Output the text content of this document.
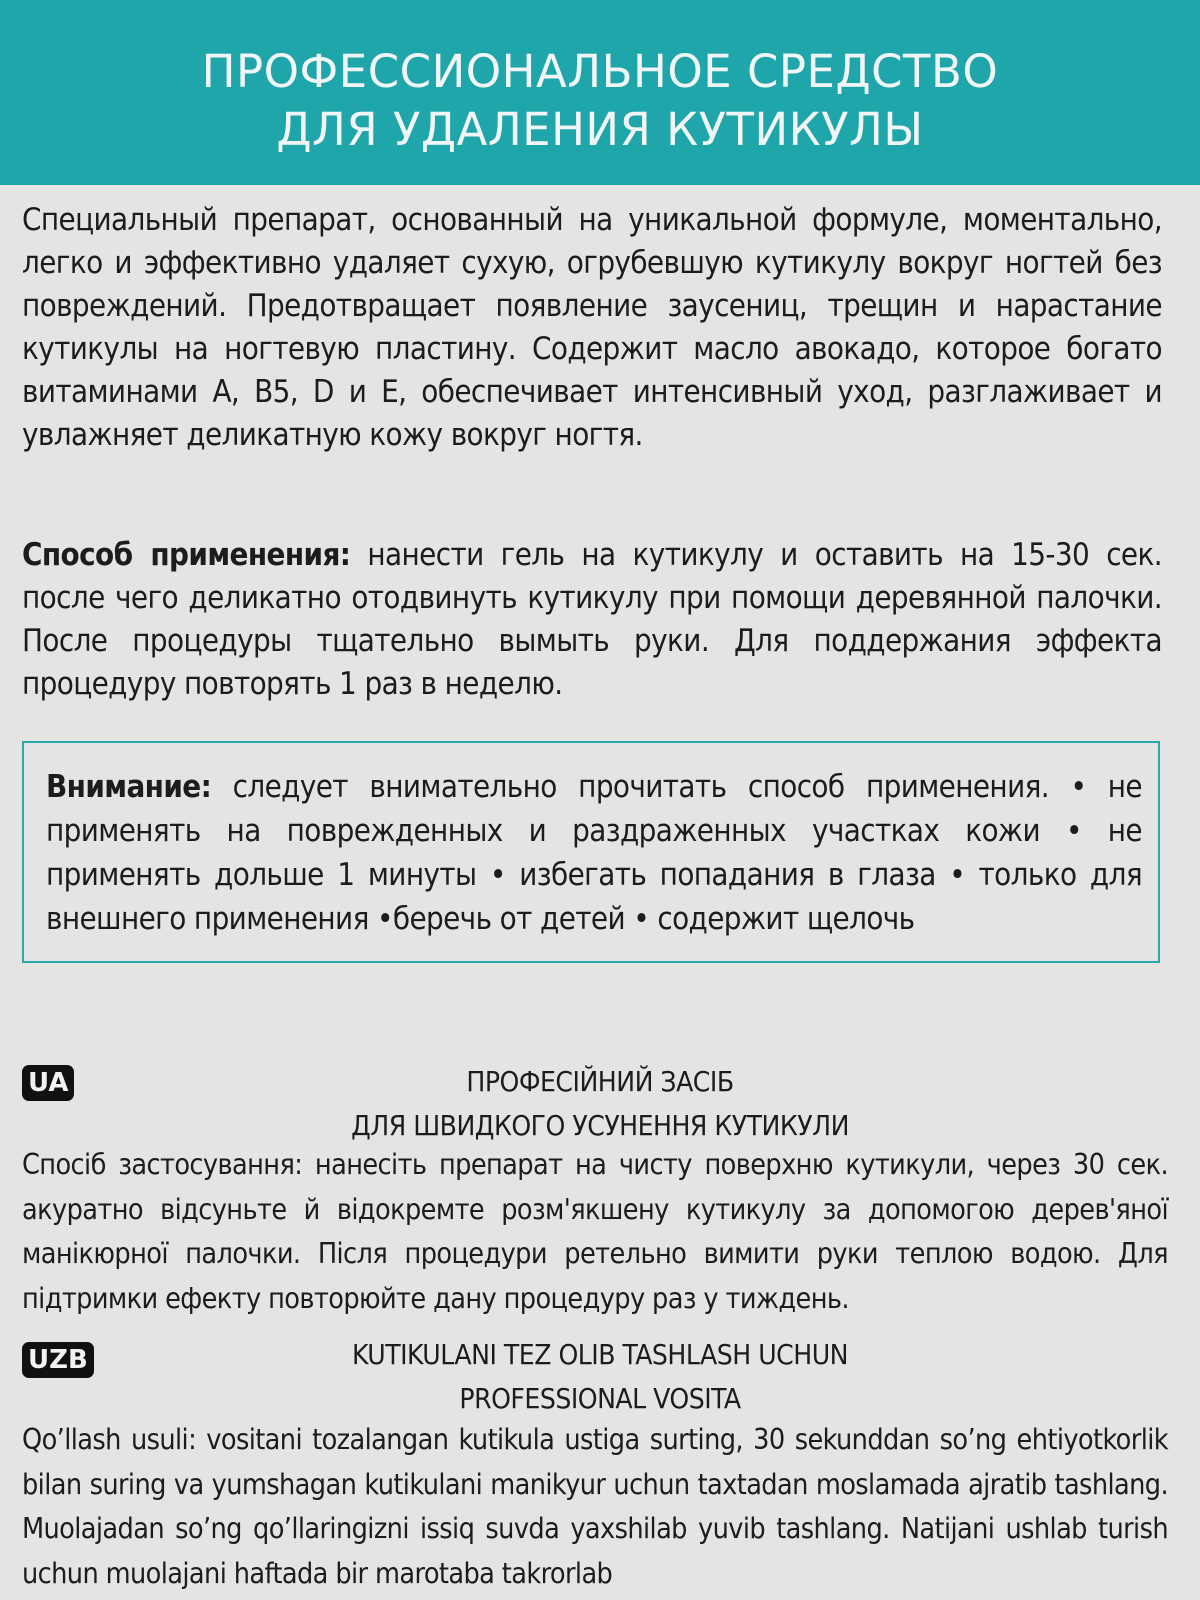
ПРОФЕССИОНАЛЬНОЕ СРЕДСТВО
ДЛЯ УДАЛЕНИЯ КУТИКУЛЫ
Специальный препарат, основанный на уникальной формуле, моментально, легко и эффективно удаляет сухую, огрубевшую кутикулу вокруг ногтей без повреждений. Предотвращает появление заусениц, трещин и нарастание кутикулы на ногтевую пластину. Содержит масло авокадо, которое богато витаминами А, В5, D и Е, обеспечивает интенсивный уход, разглаживает и увлажняет деликатную кожу вокруг ногтя.
Способ применения: нанести гель на кутикулу и оставить на 15-30 сек. после чего деликатно отодвинуть кутикулу при помощи деревянной палочки. После процедуры тщательно вымыть руки. Для поддержания эффекта процедуру повторять 1 раз в неделю.
Внимание: следует внимательно прочитать способ применения. • не применять на поврежденных и раздраженных участках кожи • не применять дольше 1 минуты • избегать попадания в глаза • только для внешнего применения •беречь от детей • содержит щелочь
UA	ПРОФЕСІЙНИЙ ЗАСІБ
ДЛЯ ШВИДКОГО УСУНЕННЯ КУТИКУЛИ
Спосіб застосування: нанесіть препарат на чисту поверхню кутикули, через 30 сек. акуратно відсуньте й відокремте розм'якшену кутикулу за допомогою дерев'яної манікюрної палочки. Після процедури ретельно вимити руки теплою водою. Для підтримки ефекту повторюйте дану процедуру раз у тиждень.
UZB	KUTIKULANI TEZ OLIB TASHLASH UCHUN
PROFESSIONAL VOSITA
Qo’llash usuli: vositani tozalangan kutikula ustiga surting, 30 sekunddan so’ng ehtiyotkorlik bilan suring va yumshagan kutikulani manikyur uchun taxtadan moslamada ajratib tashlang. Muolajadan so’ng qo’llaringizni issiq suvda yaxshilab yuvib tashlang. Natijani ushlab turish uchun muolajani haftada bir marotaba takrorlab
